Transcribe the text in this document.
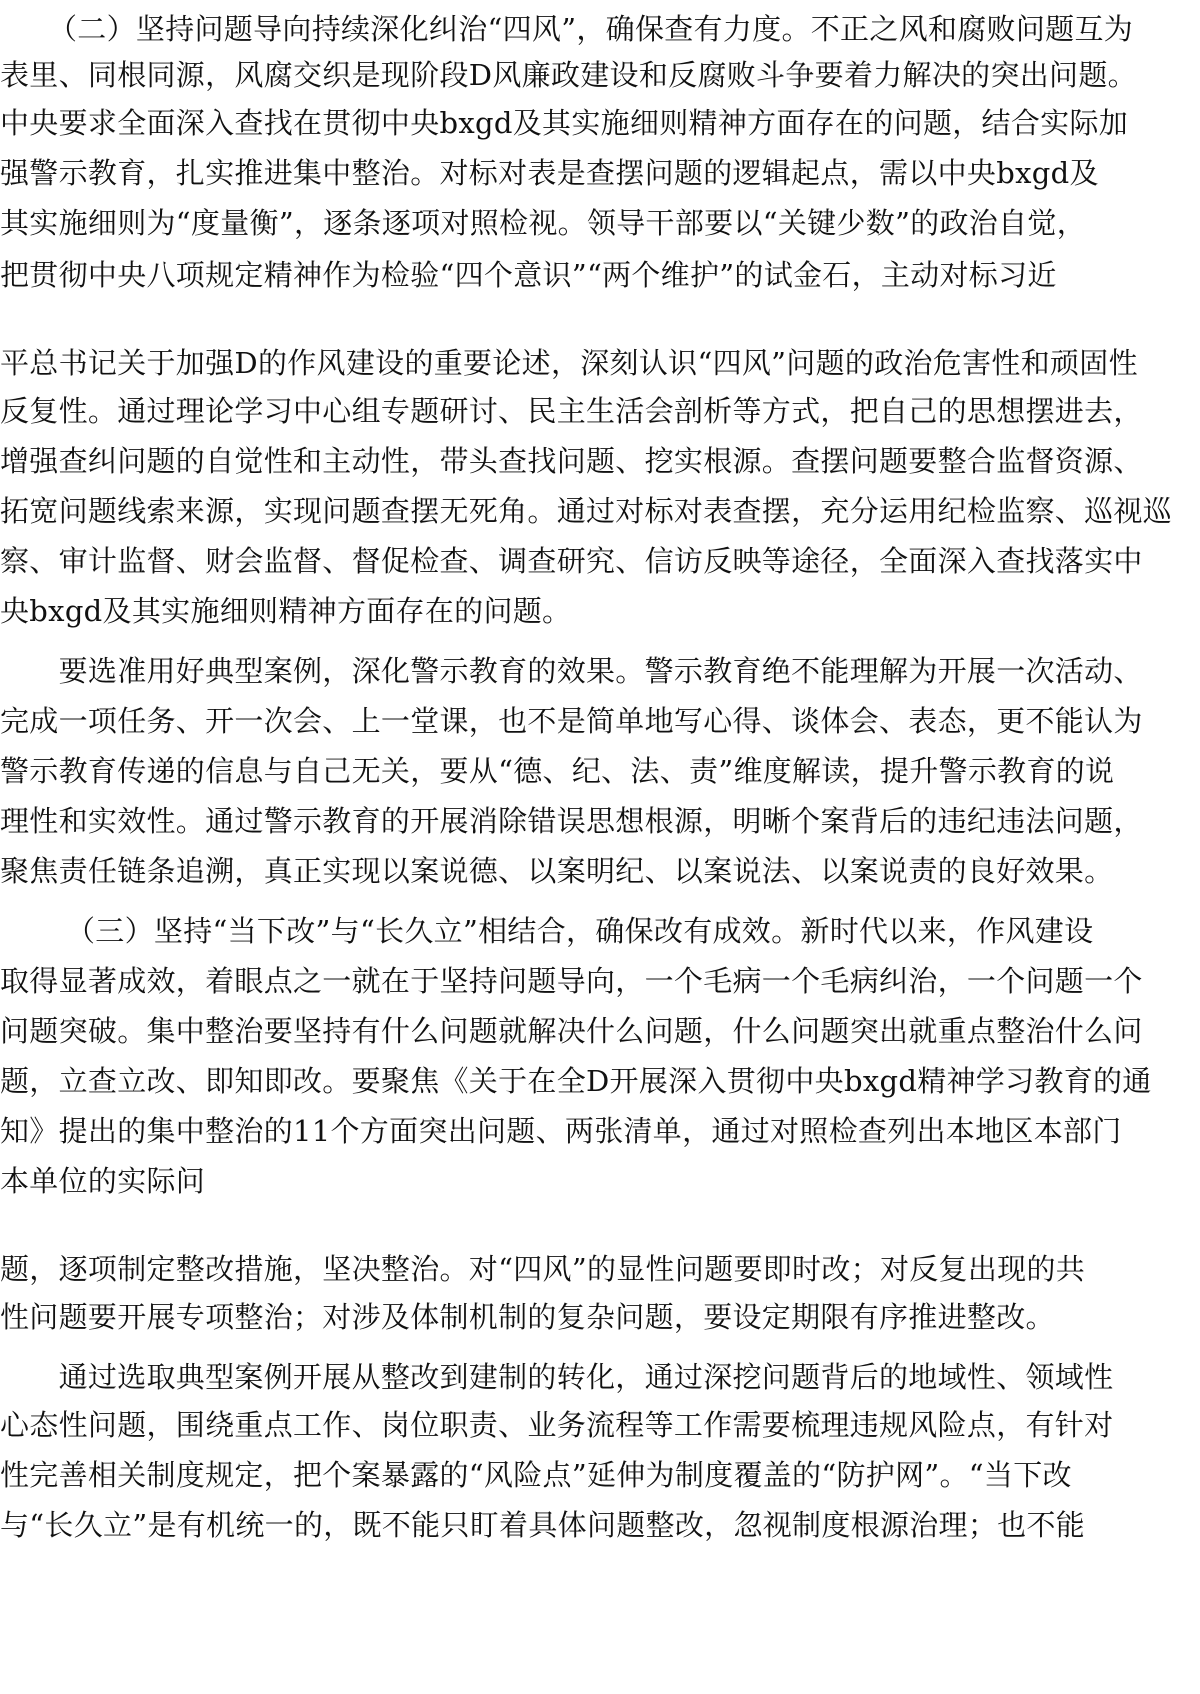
（二）坚持问题导向持续深化纠治“四风”，确保查有力度。不正之风和腐败问题互为
表里、同根同源，风腐交织是现阶段D风廉政建设和反腐败斗争要着力解决的突出问题。
中央要求全面深入查找在贯彻中央bxgd及其实施细则精神方面存在的问题，结合实际加
强警示教育，扎实推进集中整治。对标对表是查摆问题的逻辑起点，需以中央bxgd及
其实施细则为“度量衡”，逐条逐项对照检视。领导干部要以“关键少数”的政治自觉，
把贯彻中央八项规定精神作为检验“四个意识”“两个维护”的试金石，主动对标习近
平总书记关于加强D的作风建设的重要论述，深刻认识“四风”问题的政治危害性和顽固性
反复性。通过理论学习中心组专题研讨、民主生活会剖析等方式，把自己的思想摆进去，
增强查纠问题的自觉性和主动性，带头查找问题、挖实根源。查摆问题要整合监督资源、
拓宽问题线索来源，实现问题查摆无死角。通过对标对表查摆，充分运用纪检监察、巡视巡
察、审计监督、财会监督、督促检查、调查研究、信访反映等途径，全面深入查找落实中
央bxgd及其实施细则精神方面存在的问题。
　　要选准用好典型案例，深化警示教育的效果。警示教育绝不能理解为开展一次活动、
完成一项任务、开一次会、上一堂课，也不是简单地写心得、谈体会、表态，更不能认为
警示教育传递的信息与自己无关，要从“德、纪、法、责”维度解读，提升警示教育的说
理性和实效性。通过警示教育的开展消除错误思想根源，明晰个案背后的违纪违法问题，
聚焦责任链条追溯，真正实现以案说德、以案明纪、以案说法、以案说责的良好效果。
（三）坚持“当下改”与“长久立”相结合，确保改有成效。新时代以来，作风建设
取得显著成效，着眼点之一就在于坚持问题导向，一个毛病一个毛病纠治，一个问题一个
问题突破。集中整治要坚持有什么问题就解决什么问题，什么问题突出就重点整治什么问
题，立查立改、即知即改。要聚焦《关于在全D开展深入贯彻中央bxgd精神学习教育的通
知》提出的集中整治的11个方面突出问题、两张清单，通过对照检查列出本地区本部门
本单位的实际问
题，逐项制定整改措施，坚决整治。对“四风”的显性问题要即时改；对反复出现的共
性问题要开展专项整治；对涉及体制机制的复杂问题，要设定期限有序推进整改。
　　通过选取典型案例开展从整改到建制的转化，通过深挖问题背后的地域性、领域性
心态性问题，围绕重点工作、岗位职责、业务流程等工作需要梳理违规风险点，有针对
性完善相关制度规定，把个案暴露的“风险点”延伸为制度覆盖的“防护网”。“当下改
与“长久立”是有机统一的，既不能只盯着具体问题整改，忽视制度根源治理；也不能
